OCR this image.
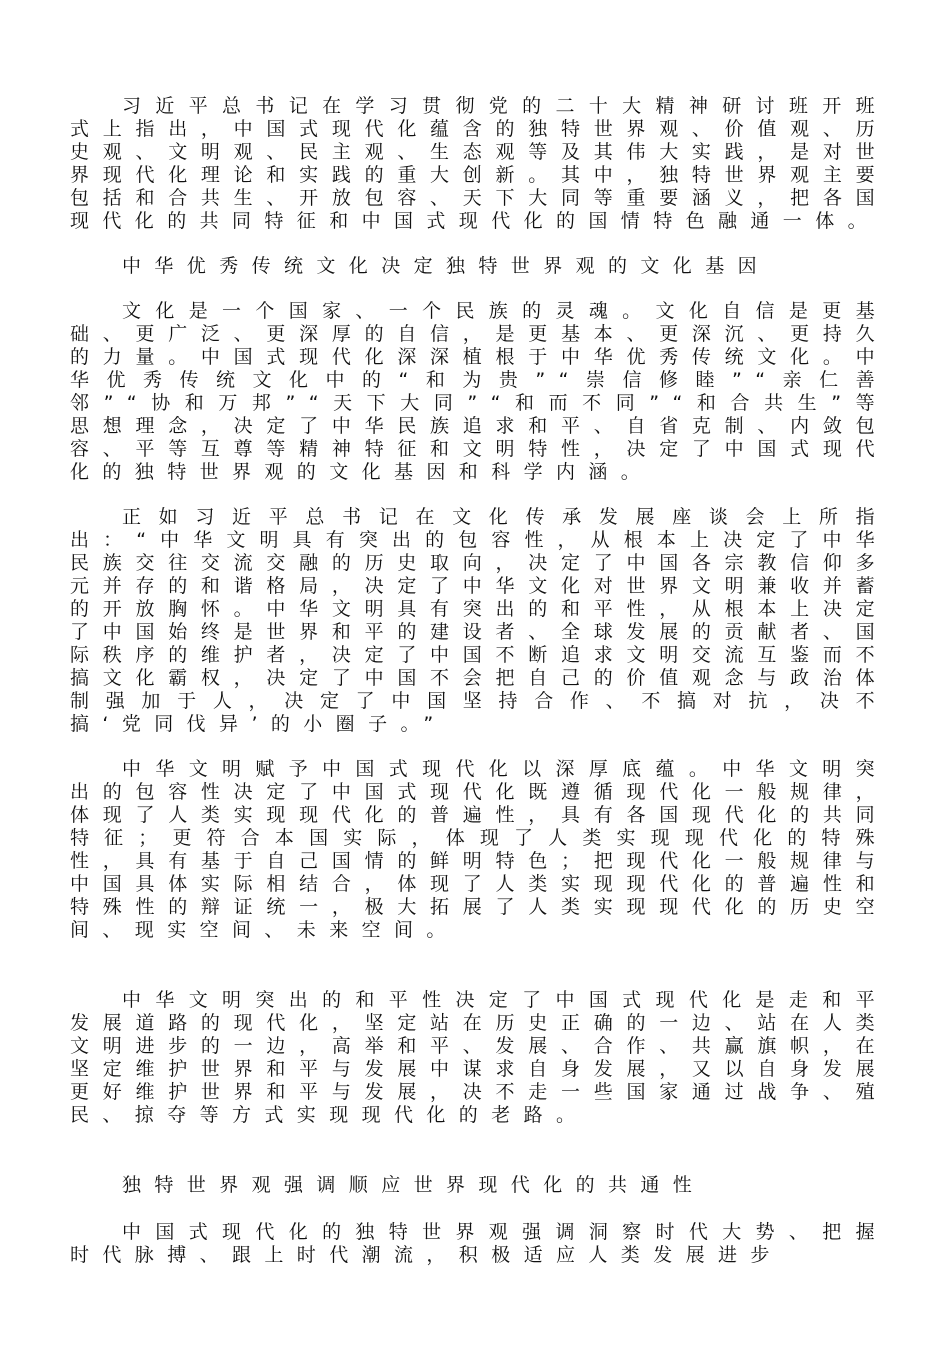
习近平总书记在学习贯彻党的二十大精神研讨班开班式上指出，中国式现代化蕴含的独特世界观、价值观、历史观、文明观、民主观、生态观等及其伟大实践，是对世界现代化理论和实践的重大创新。其中，独特世界观主要包括和合共生、开放包容、天下大同等重要涵义，把各国现代化的共同特征和中国式现代化的国情特色融通一体。

中华优秀传统文化决定独特世界观的文化基因

文化是一个国家、一个民族的灵魂。文化自信是更基础、更广泛、更深厚的自信，是更基本、更深沉、更持久的力量。中国式现代化深深植根于中华优秀传统文化。中华优秀传统文化中的“和为贵”“崇信修睦”“亲仁善邻”“协和万邦”“天下大同”“和而不同”“和合共生”等思想理念，决定了中华民族追求和平、自省克制、内敛包容、平等互尊等精神特征和文明特性，决定了中国式现代化的独特世界观的文化基因和科学内涵。

正如习近平总书记在文化传承发展座谈会上所指出：“中华文明具有突出的包容性，从根本上决定了中华民族交往交流交融的历史取向，决定了中国各宗教信仰多元并存的和谐格局，决定了中华文化对世界文明兼收并蓄的开放胸怀。中华文明具有突出的和平性，从根本上决定了中国始终是世界和平的建设者、全球发展的贡献者、国际秩序的维护者，决定了中国不断追求文明交流互鉴而不搞文化霸权，决定了中国不会把自己的价值观念与政治体制强加于人，决定了中国坚持合作、不搞对抗，决不搞‘党同伐异’的小圈子。”

中华文明赋予中国式现代化以深厚底蕴。中华文明突出的包容性决定了中国式现代化既遵循现代化一般规律，体现了人类实现现代化的普遍性，具有各国现代化的共同特征；更符合本国实际，体现了人类实现现代化的特殊性，具有基于自己国情的鲜明特色；把现代化一般规律与中国具体实际相结合，体现了人类实现现代化的普遍性和特殊性的辩证统一，极大拓展了人类实现现代化的历史空间、现实空间、未来空间。

中华文明突出的和平性决定了中国式现代化是走和平发展道路的现代化，坚定站在历史正确的一边、站在人类文明进步的一边，高举和平、发展、合作、共赢旗帜，在坚定维护世界和平与发展中谋求自身发展，又以自身发展更好维护世界和平与发展，决不走一些国家通过战争、殖民、掠夺等方式实现现代化的老路。

独特世界观强调顺应世界现代化的共通性

中国式现代化的独特世界观强调洞察时代大势、把握时代脉搏、跟上时代潮流，积极适应人类发展进步
